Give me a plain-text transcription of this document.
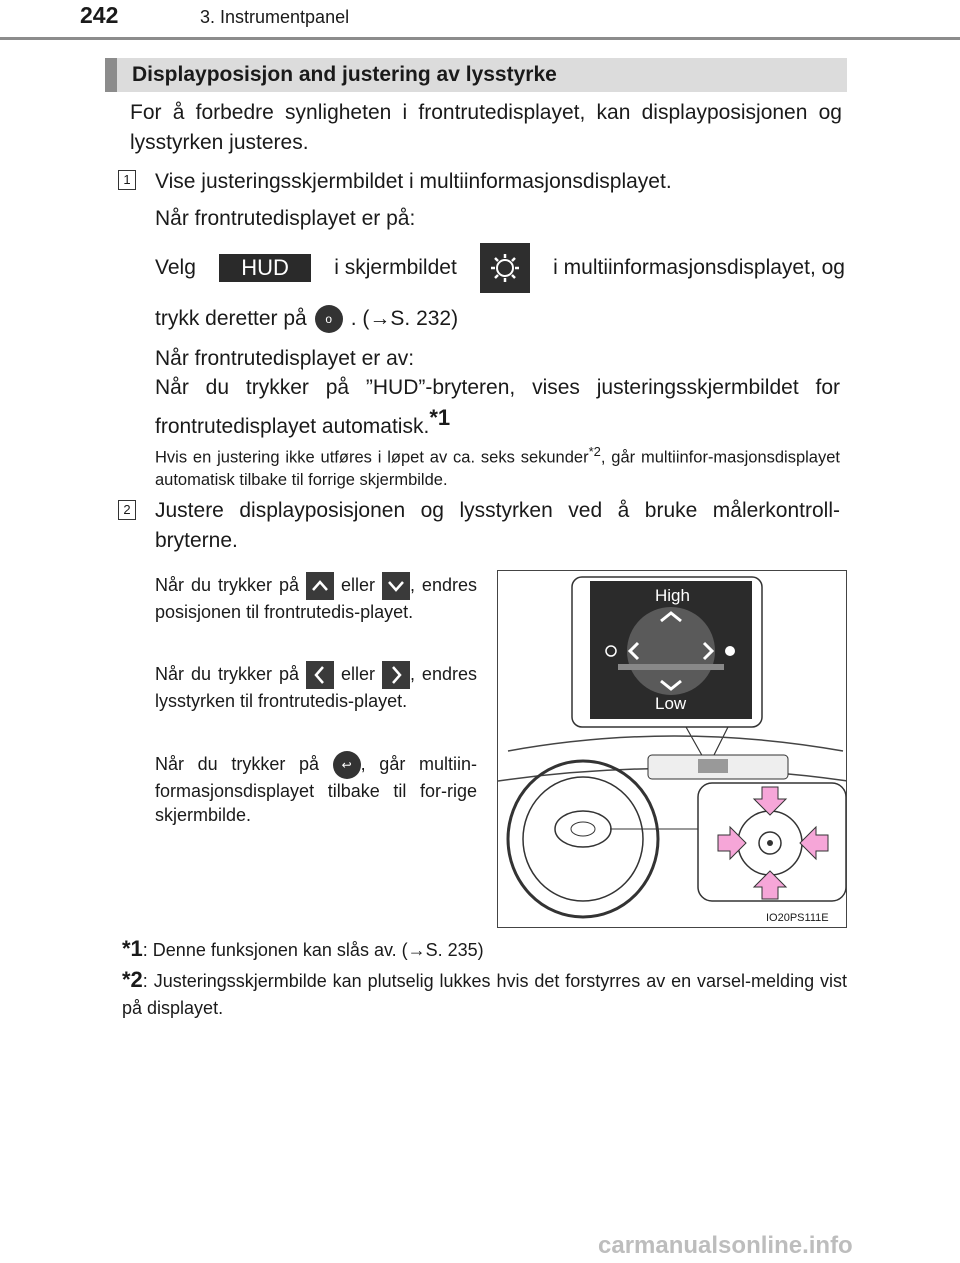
242	3. Instrumentpanel
Displayposisjon and justering av lysstyrke
For å forbedre synligheten i frontrutedisplayet, kan displayposisjonen og lysstyrken justeres.
1 Vise justeringsskjermbildet i multiinformasjonsdisplayet.
Når frontrutedisplayet er på:
Velg	HUD	i skjermbildet	i multiinformasjonsdisplayet, og
trykk deretter på	o . (→S. 232)
Når frontrutedisplayet er av:
Når du trykker på ”HUD”-bryteren, vises justeringsskjermbildet for frontrutedisplayet automatisk.$^{*1}$
Hvis en justering ikke utføres i løpet av ca. seks sekunder$^{*2}$, går multiinfor-masjonsdisplayet automatisk tilbake til forrige skjermbilde.
2 Justere displayposisjonen og lysstyrken ved å bruke målerkontroll-bryterne.
Når du trykker på eller , endres posisjonen til frontrutedis-playet.
Når du trykker på eller , endres lysstyrken til frontrutedis-playet.
Når du trykker på ↩ , går multiin-formasjonsdisplayet tilbake til for-rige skjermbilde.
High
Low
IO20PS111E
*1: Denne funksjonen kan slås av. (→S. 235)
*2: Justeringsskjermbilde kan plutselig lukkes hvis det forstyrres av en varsel-melding vist på displayet.
carmanualsonline.info
